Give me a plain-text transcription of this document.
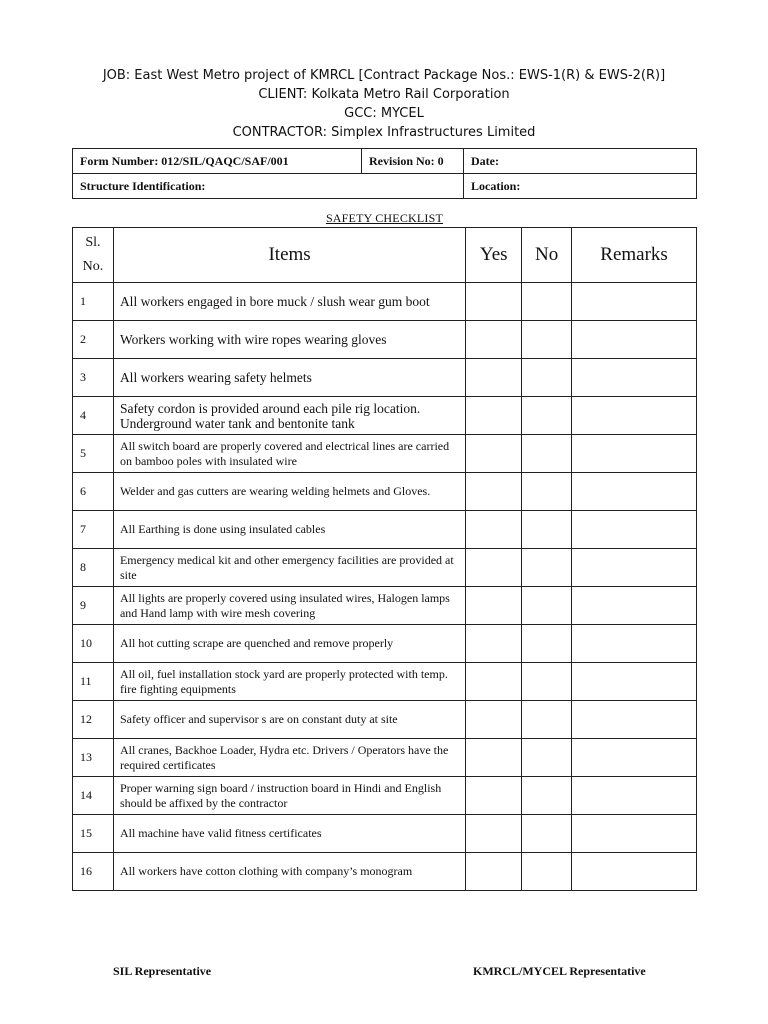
JOB: East West Metro project of KMRCL [Contract Package Nos.: EWS-1(R) & EWS-2(R)]
CLIENT: Kolkata Metro Rail Corporation
GCC: MYCEL
CONTRACTOR: Simplex Infrastructures Limited
Form Number: 012/SIL/QAQC/SAF/001	Revision No: 0	Date:
Structure Identification:		Location:
SAFETY CHECKLIST
Sl.
No.	Items	Yes	No	Remarks
1	All workers engaged in bore muck / slush wear gum boot			
2	Workers working with wire ropes wearing gloves			
3	All workers wearing safety helmets			
4	Safety cordon is provided around each pile rig location. Underground water tank and bentonite tank			
5	All switch board are properly covered and electrical lines are carried on bamboo poles with insulated wire			
6	Welder and gas cutters are wearing welding helmets and Gloves.			
7	All Earthing is done using insulated cables			
8	Emergency medical kit and other emergency facilities are provided at site			
9	All lights are properly covered using insulated wires, Halogen lamps and Hand lamp with wire mesh covering			
10	All hot cutting scrape are quenched and remove properly			
11	All oil, fuel installation stock yard are properly protected with temp. fire fighting equipments			
12	Safety officer and supervisor s are on constant duty at site			
13	All cranes, Backhoe Loader, Hydra etc. Drivers / Operators have the required certificates			
14	Proper warning sign board / instruction board in Hindi and English should be affixed by the contractor			
15	All machine have valid fitness certificates			
16	All workers have cotton clothing with company’s monogram			
SIL Representative	KMRCL/MYCEL Representative
